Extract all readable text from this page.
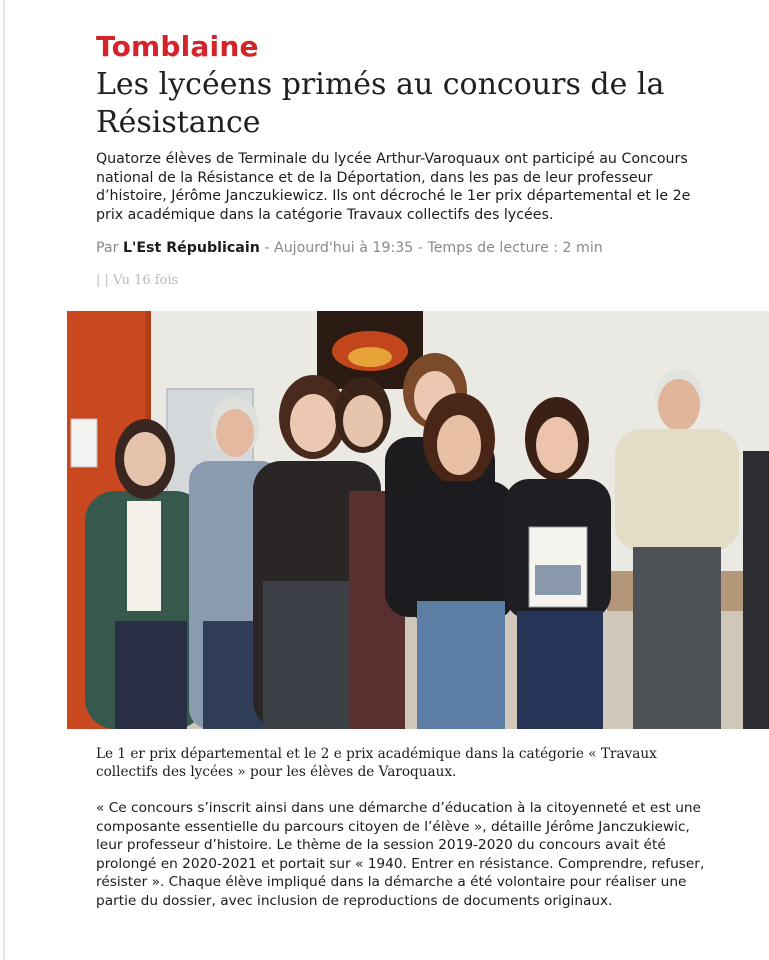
Tomblaine
Les lycéens primés au concours de la Résistance

Quatorze élèves de Terminale du lycée Arthur-Varoquaux ont participé au Concours national de la Résistance et de la Déportation, dans les pas de leur professeur d’histoire, Jérôme Janczukiewicz. Ils ont décroché le 1er prix départemental et le 2e prix académique dans la catégorie Travaux collectifs des lycées.

Par L'Est Républicain - Aujourd'hui à 19:35 - Temps de lecture : 2 min
| | Vu 16 fois

Le 1 er prix départemental et le 2 e prix académique dans la catégorie « Travaux collectifs des lycées » pour les élèves de Varoquaux.

« Ce concours s’inscrit ainsi dans une démarche d’éducation à la citoyenneté et est une composante essentielle du parcours citoyen de l’élève », détaille Jérôme Janczukiewic, leur professeur d’histoire. Le thème de la session 2019-2020 du concours avait été prolongé en 2020-2021 et portait sur « 1940. Entrer en résistance. Comprendre, refuser, résister ». Chaque élève impliqué dans la démarche a été volontaire pour réaliser une partie du dossier, avec inclusion de reproductions de documents originaux.
